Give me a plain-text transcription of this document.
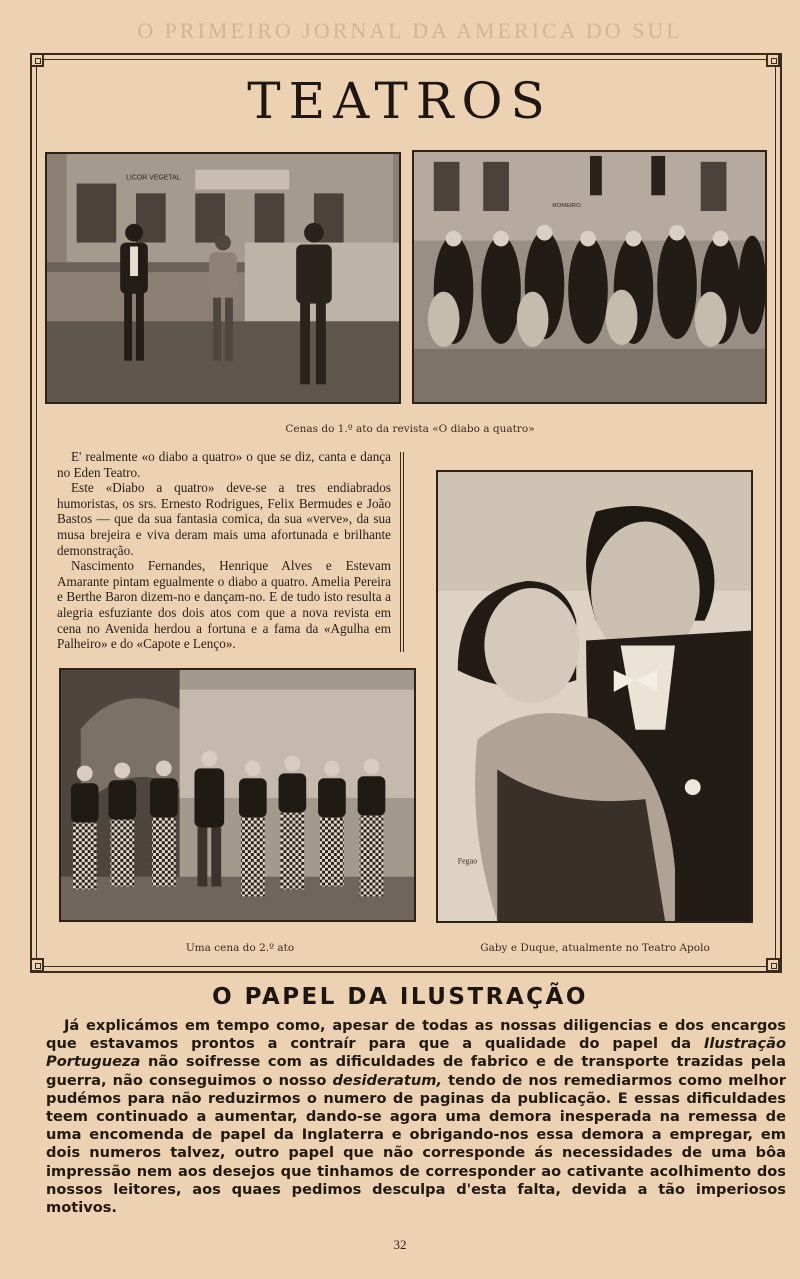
O PRIMEIRO JORNAL DA AMERICA DO SUL
TEATROS
LICOR VEGETAL
ROMEIRO
Cenas do 1.º ato da revista «O diabo a quatro»

E' realmente «o diabo a quatro» o que se diz, canta e dança no Eden Teatro.

Este «Diabo a quatro» deve-se a tres endiabrados humoristas, os srs. Ernesto Rodrigues, Felix Bermudes e João Bastos — que da sua fantasia comica, da sua «verve», da sua musa brejeira e viva deram mais uma afortunada e brilhante demonstração.

Nascimento Fernandes, Henrique Alves e Estevam Amarante pintam egualmente o diabo a quatro. Amelia Pereira e Berthe Baron dizem-no e dançam-no. E de tudo isto resulta a alegria esfuziante dos dois atos com que a nova revista em cena no Avenida herdou a fortuna e a fama da «Agulha em Palheiro» e do «Capote e Lenço».

Fegao
Uma cena do 2.º ato	Gaby e Duque, atualmente no Teatro Apolo
O PAPEL DA ILUSTRAÇÃO

Já explicámos em tempo como, apesar de todas as nossas diligencias e dos encargos que estavamos prontos a contraír para que a qualidade do papel da Ilustração Portugueza não soifresse com as dificuldades de fabrico e de transporte trazidas pela guerra, não conseguimos o nosso desideratum, tendo de nos remediarmos como melhor pudémos para não reduzirmos o numero de paginas da publicação. E essas dificuldades teem continuado a aumentar, dando-se agora uma demora inesperada na remessa de uma encomenda de papel da Inglaterra e obrigando-nos essa demora a empregar, em dois numeros talvez, outro papel que não corresponde ás necessidades de uma bôa impressão nem aos desejos que tinhamos de corresponder ao cativante acolhimento dos nossos leitores, aos quaes pedimos desculpa d'esta falta, devida a tão imperiosos motivos.

32
